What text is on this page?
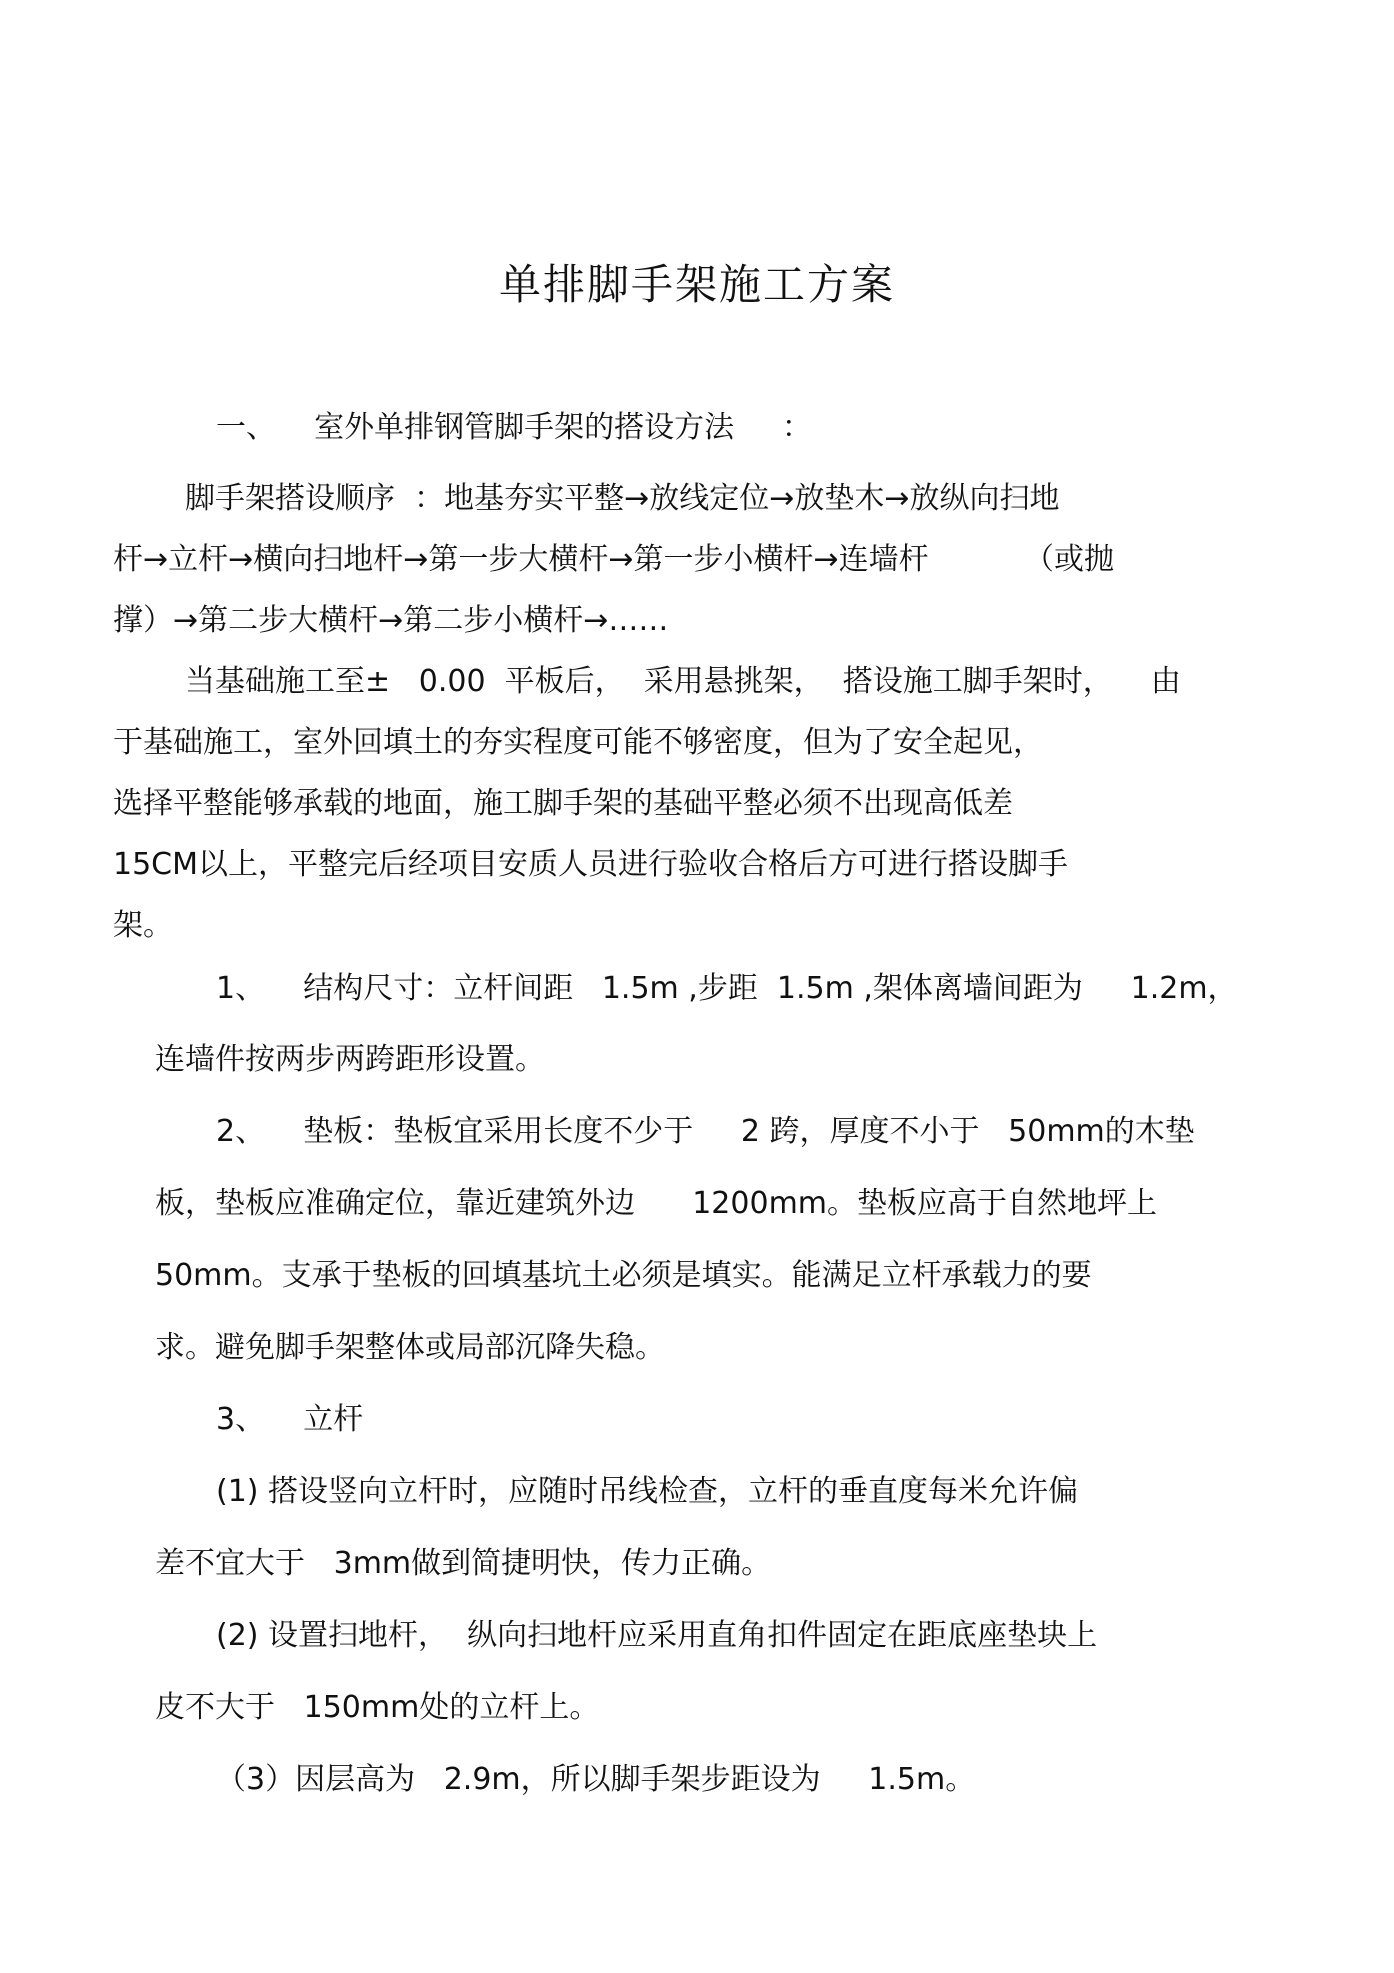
单排脚手架施工方案
一、    室外单排钢管脚手架的搭设方法     ：
脚手架搭设顺序  ：地基夯实平整→放线定位→放垫木→放纵向扫地
杆→立杆→横向扫地杆→第一步大横杆→第一步小横杆→连墙杆          （或抛
撑）→第二步大横杆→第二步小横杆→……
当基础施工至±   0.00  平板后，  采用悬挑架，  搭设施工脚手架时，    由
于基础施工，室外回填土的夯实程度可能不够密度，但为了安全起见，
选择平整能够承载的地面，施工脚手架的基础平整必须不出现高低差
15CM以上，平整完后经项目安质人员进行验收合格后方可进行搭设脚手
架。
1、    结构尺寸：立杆间距   1.5m ,步距  1.5m ,架体离墙间距为     1.2m，
连墙件按两步两跨距形设置。
2、    垫板：垫板宜采用长度不少于     2 跨，厚度不小于   50mm的木垫
板，垫板应准确定位，靠近建筑外边      1200mm。垫板应高于自然地坪上
50mm。支承于垫板的回填基坑土必须是填实。能满足立杆承载力的要
求。避免脚手架整体或局部沉降失稳。
3、    立杆
(1) 搭设竖向立杆时，应随时吊线检查，立杆的垂直度每米允许偏
差不宜大于   3mm做到简捷明快，传力正确。
(2) 设置扫地杆，  纵向扫地杆应采用直角扣件固定在距底座垫块上
皮不大于   150mm处的立杆上。
（3）因层高为   2.9m，所以脚手架步距设为     1.5m。
